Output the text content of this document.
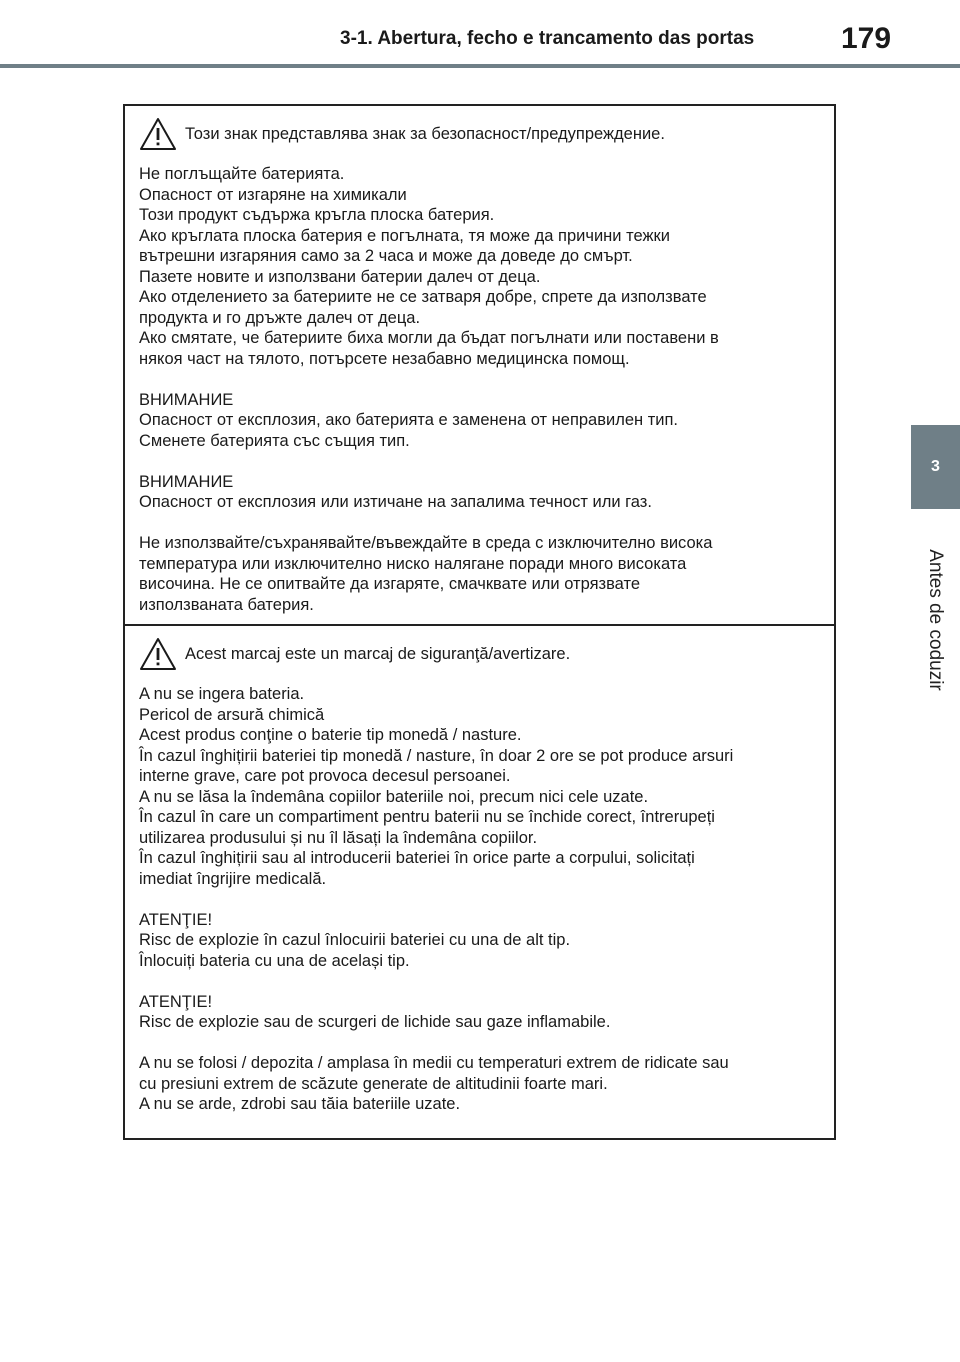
3-1. Abertura, fecho e trancamento das portas	179
3
Antes de coduzir
Този знак представлява знак за безопасност/предупреждение.

Не поглъщайте батерията.
Опасност от изгаряне на химикали
Този продукт съдържа кръгла плоска батерия.
Ако кръглата плоска батерия е погълната, тя може да причини тежки
вътрешни изгаряния само за 2 часа и може да доведе до смърт.
Пазете новите и използвани батерии далеч от деца.
Ако отделението за батериите не се затваря добре, спрете да използвате
продукта и го дръжте далеч от деца.
Ако смятате, че батериите биха могли да бъдат погълнати или поставени в
някоя част на тялото, потърсете незабавно медицинска помощ.

ВНИМАНИЕ
Опасност от експлозия, ако батерията е заменена от неправилен тип.
Сменете батерията със същия тип.

ВНИМАНИЕ
Опасност от експлозия или изтичане на запалима течност или газ.

Не използвайте/съхранявайте/въвеждайте в среда с изключително висока
температура или изключително ниско налягане поради много високата
височина. Не се опитвайте да изгаряте, смачквате или отрязвате
използваната батерия.

Acest marcaj este un marcaj de siguranţă/avertizare.

A nu se ingera bateria.
Pericol de arsură chimică
Acest produs conţine o baterie tip monedă / nasture.
În cazul înghițirii bateriei tip monedă / nasture, în doar 2 ore se pot produce arsuri
interne grave, care pot provoca decesul persoanei.
A nu se lăsa la îndemâna copiilor bateriile noi, precum nici cele uzate.
În cazul în care un compartiment pentru baterii nu se închide corect, întrerupeți
utilizarea produsului și nu îl lăsați la îndemâna copiilor.
În cazul înghițirii sau al introducerii bateriei în orice parte a corpului, solicitați
imediat îngrijire medicală.

ATENŢIE!
Risc de explozie în cazul înlocuirii bateriei cu una de alt tip.
Înlocuiți bateria cu una de același tip.

ATENŢIE!
Risc de explozie sau de scurgeri de lichide sau gaze inflamabile.

A nu se folosi / depozita / amplasa în medii cu temperaturi extrem de ridicate sau
cu presiuni extrem de scăzute generate de altitudinii foarte mari.
A nu se arde, zdrobi sau tăia bateriile uzate.
